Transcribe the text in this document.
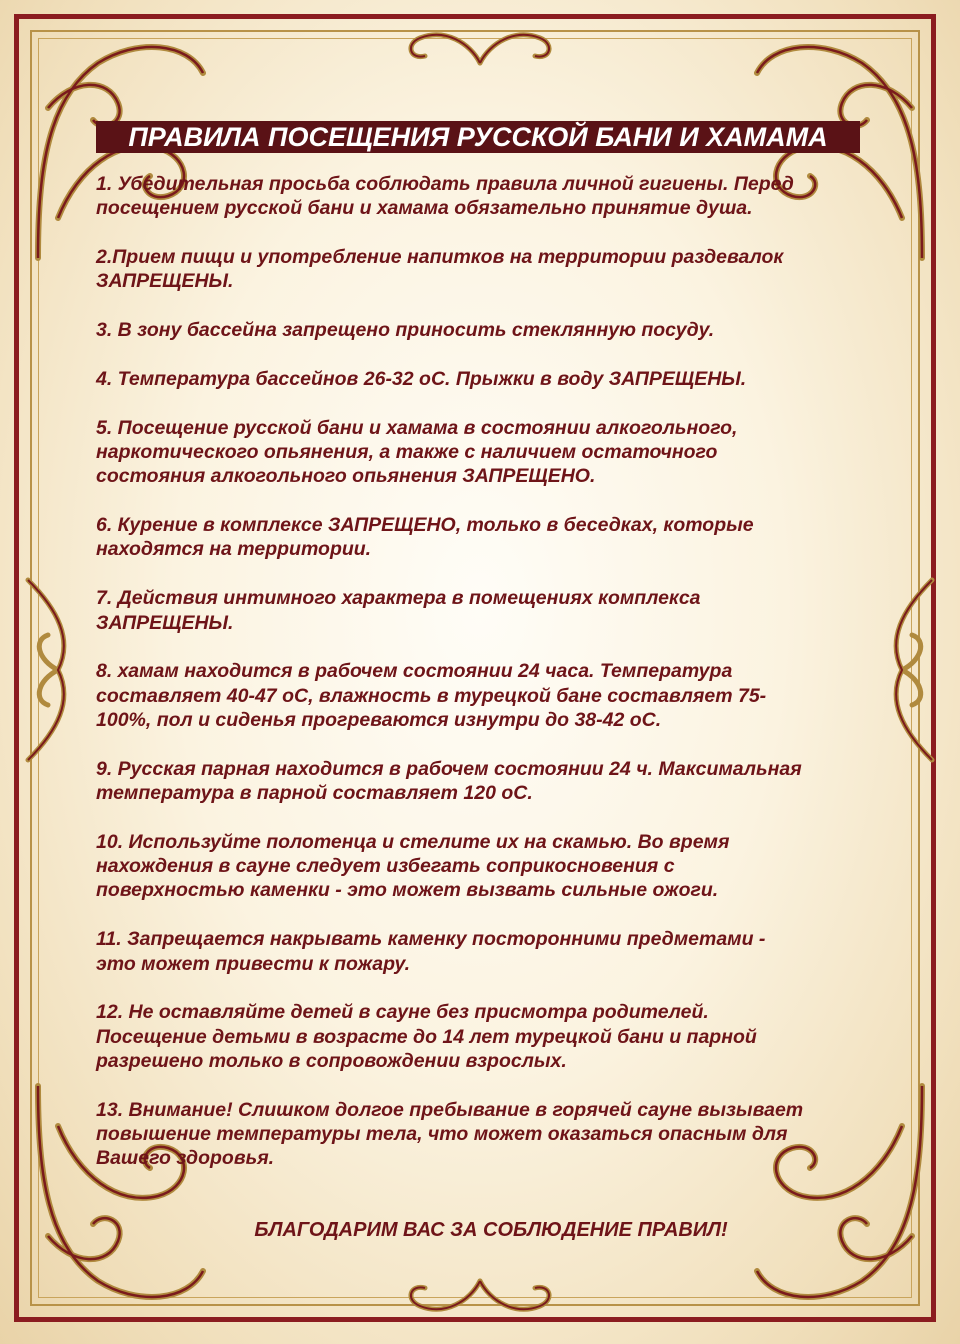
ПРАВИЛА ПОСЕЩЕНИЯ РУССКОЙ БАНИ И ХАМАМА

1. Убедительная просьба соблюдать правила личной гигиены. Перед
посещением русской бани и хамама обязательно принятие душа.

2.Прием пищи и употребление напитков на территории раздевалок
ЗАПРЕЩЕНЫ.

3. В зону бассейна запрещено приносить стеклянную посуду.

4. Температура бассейнов 26-32 оС. Прыжки в воду ЗАПРЕЩЕНЫ.

5. Посещение русской бани и хамама в состоянии алкогольного,
наркотического опьянения, а также с наличием остаточного
состояния алкогольного опьянения ЗАПРЕЩЕНО.

6. Курение в комплексе ЗАПРЕЩЕНО, только в беседках, которые
находятся на территории.

7. Действия интимного характера в помещениях комплекса
ЗАПРЕЩЕНЫ.

8. хамам находится в рабочем состоянии 24 часа. Температура
составляет 40-47 оС, влажность в турецкой бане составляет 75-
100%, пол и сиденья прогреваются изнутри до 38-42 оС.

9. Русская парная находится в рабочем состоянии 24 ч. Максимальная
температура в парной составляет 120 оС.

10. Используйте полотенца и стелите их на скамью. Во время
нахождения в сауне следует избегать соприкосновения с
поверхностью каменки - это может вызвать сильные ожоги.

11. Запрещается накрывать каменку посторонними предметами -
это может привести к пожару.

12. Не оставляйте детей в сауне без присмотра родителей.
Посещение детьми в возрасте до 14 лет турецкой бани и парной
разрешено только в сопровождении взрослых.

13. Внимание! Слишком долгое пребывание в горячей сауне вызывает
повышение температуры тела, что может оказаться опасным для
Вашего здоровья.

БЛАГОДАРИМ ВАС ЗА СОБЛЮДЕНИЕ ПРАВИЛ!
